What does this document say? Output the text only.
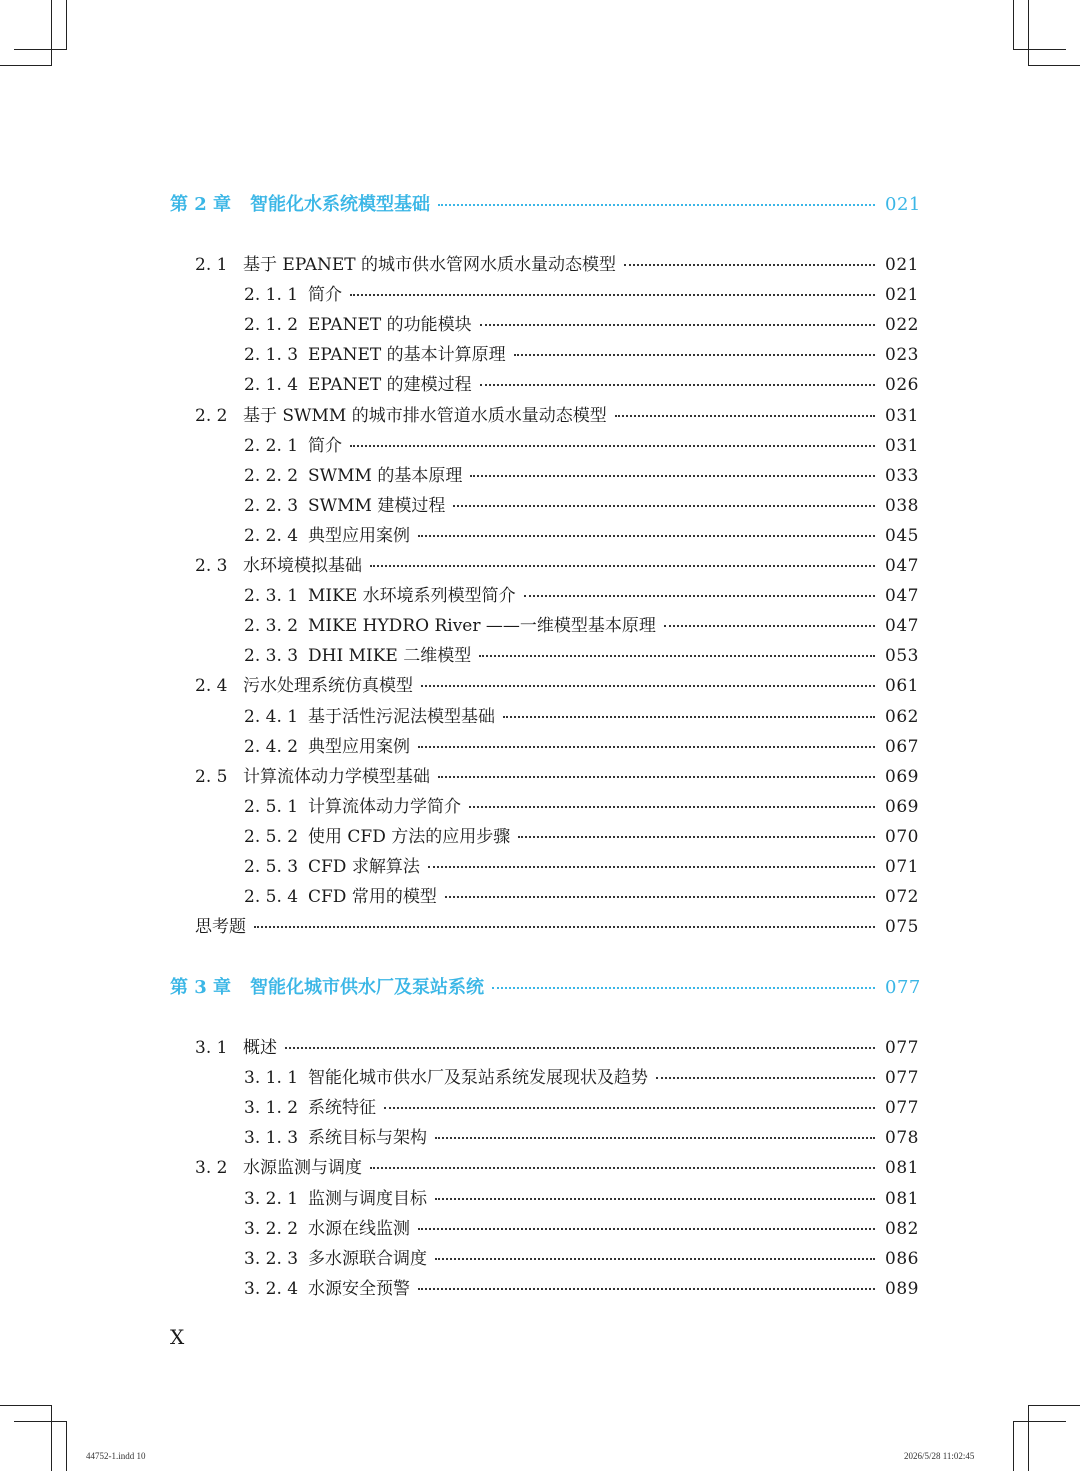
第 2 章	智能化水系统模型基础	021
2. 1 基于 EPANET 的城市供水管网水质水量动态模型	021
2. 1. 1 简介	021
2. 1. 2 EPANET 的功能模块	022
2. 1. 3 EPANET 的基本计算原理	023
2. 1. 4 EPANET 的建模过程	026
2. 2 基于 SWMM 的城市排水管道水质水量动态模型	031
2. 2. 1 简介	031
2. 2. 2 SWMM 的基本原理	033
2. 2. 3 SWMM 建模过程	038
2. 2. 4 典型应用案例	045
2. 3 水环境模拟基础	047
2. 3. 1 MIKE 水环境系列模型简介	047
2. 3. 2 MIKE HYDRO River ——一维模型基本原理	047
2. 3. 3 DHI MIKE 二维模型	053
2. 4 污水处理系统仿真模型	061
2. 4. 1 基于活性污泥法模型基础	062
2. 4. 2 典型应用案例	067
2. 5 计算流体动力学模型基础	069
2. 5. 1 计算流体动力学简介	069
2. 5. 2 使用 CFD 方法的应用步骤	070
2. 5. 3 CFD 求解算法	071
2. 5. 4 CFD 常用的模型	072
思考题	075
第 3 章	智能化城市供水厂及泵站系统	077
3. 1 概述	077
3. 1. 1 智能化城市供水厂及泵站系统发展现状及趋势	077
3. 1. 2 系统特征	077
3. 1. 3 系统目标与架构	078
3. 2 水源监测与调度	081
3. 2. 1 监测与调度目标	081
3. 2. 2 水源在线监测	082
3. 2. 3 多水源联合调度	086
3. 2. 4 水源安全预警	089
X
44752-1.indd 10	2026/5/28 11:02:45
